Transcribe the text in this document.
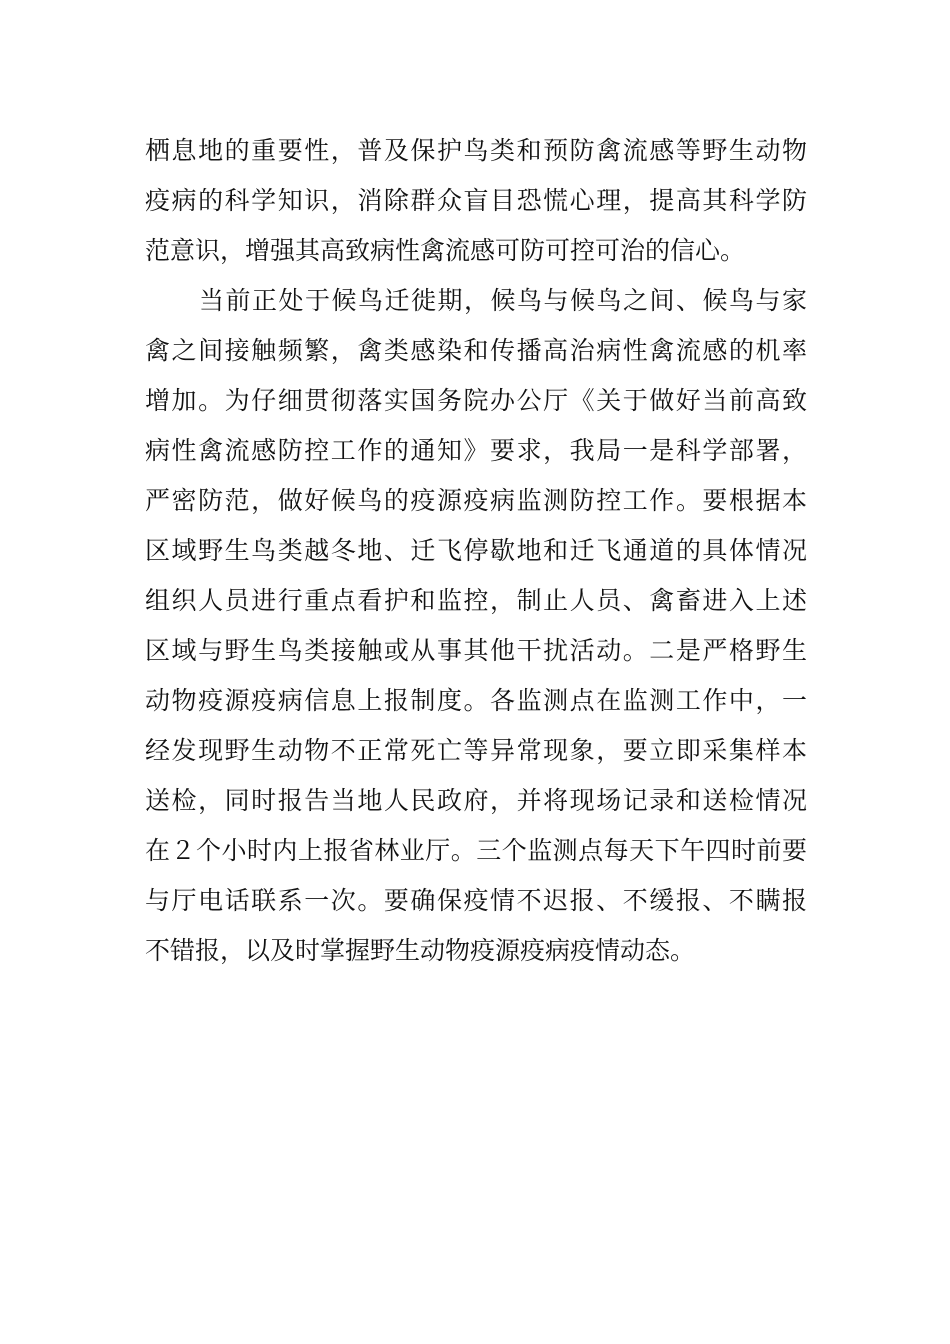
栖息地的重要性，普及保护鸟类和预防禽流感等野生动物
疫病的科学知识，消除群众盲目恐慌心理，提高其科学防
范意识，增强其高致病性禽流感可防可控可治的信心。
当前正处于候鸟迁徙期，候鸟与候鸟之间、候鸟与家
禽之间接触频繁，禽类感染和传播高治病性禽流感的机率
增加。为仔细贯彻落实国务院办公厅《关于做好当前高致
病性禽流感防控工作的通知》要求，我局一是科学部署，
严密防范，做好候鸟的疫源疫病监测防控工作。要根据本
区域野生鸟类越冬地、迁飞停歇地和迁飞通道的具体情况
组织人员进行重点看护和监控，制止人员、禽畜进入上述
区域与野生鸟类接触或从事其他干扰活动。二是严格野生
动物疫源疫病信息上报制度。各监测点在监测工作中，一
经发现野生动物不正常死亡等异常现象，要立即采集样本
送检，同时报告当地人民政府，并将现场记录和送检情况
在２个小时内上报省林业厅。三个监测点每天下午四时前要
与厅电话联系一次。要确保疫情不迟报、不缓报、不瞒报
不错报，以及时掌握野生动物疫源疫病疫情动态。
